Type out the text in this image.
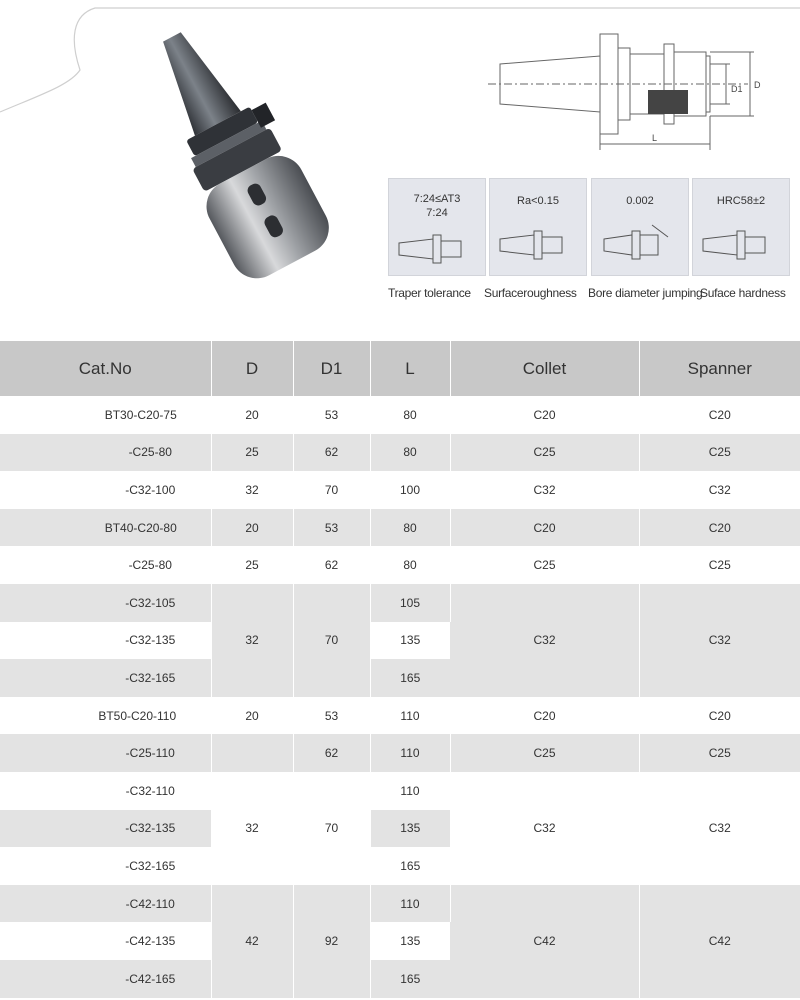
D1 D
L
7:24≤AT3
7:24
Ra<0.15	0.002	HRC58±2
Traper tolerance Surfaceroughness Bore diameter jumping
Suface hardness
Cat.No	D	D1	L	Collet	Spanner
BT30-C20-75	20	53	80	C20	C20
-C25-80	25	62	80	C25	C25
-C32-100	32	70	100	C32	C32
BT40-C20-80	20	53	80	C20	C20
-C25-80	25	62	80	C25	C25
-C32-105	32	70	105	C32	C32
-C32-135			135		
-C32-165			165		
BT50-C20-110	20	53	110	C20	C20
-C25-110		62	110	C25	C25
-C32-110	32	70	110	C32	C32
-C32-135			135		
-C32-165			165		
-C42-110	42	92	110	C42	C42
-C42-135			135		
-C42-165			165		
